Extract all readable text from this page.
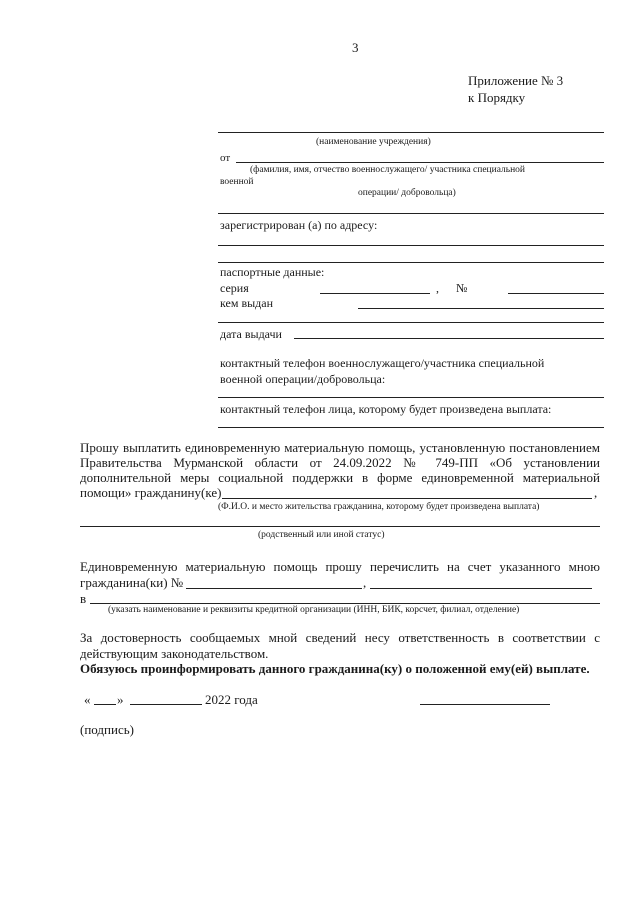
3
Приложение № 3
к Порядку
(наименование учреждения)
от
(фамилия, имя, отчество военнослужащего/ участника специальной
военной
операции/ добровольца)
зарегистрирован (а) по адресу:
паспортные данные:
серия	, №
кем выдан
дата выдачи
контактный телефон военнослужащего/участника специальной
военной операции/добровольца:
контактный телефон лица, которому будет произведена выплата:
Прошу выплатить единовременную материальную помощь, установленную постановлением
Правительства Мурманской области от 24.09.2022 № 749-ПП «Об установлении
дополнительной меры социальной поддержки в форме единовременной материальной
помощи» гражданину(ке)	,
(Ф.И.О. и место жительства гражданина, которому будет произведена выплата)
(родственный или иной статус)
Единовременную материальную помощь прошу перечислить на счет указанного мною
гражданина(ки) №	,
в
(указать наименование и реквизиты кредитной организации (ИНН, БИК, корсчет, филиал, отделение)
За достоверность сообщаемых мной сведений несу ответственность в соответствии с
действующим законодательством.
Обязуюсь проинформировать данного гражданина(ку) о положенной ему(ей) выплате.
« »	2022 года
(подпись)
